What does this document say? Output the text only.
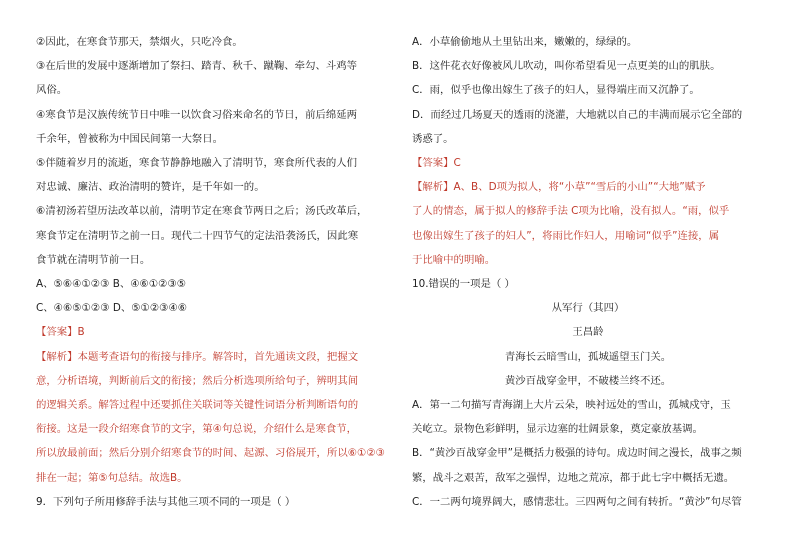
②因此，在寒食节那天，禁烟火，只吃冷食。

③在后世的发展中逐渐增加了祭扫、踏青、秋千、蹴鞠、牵勾、斗鸡等

风俗。

④寒食节是汉族传统节日中唯一以饮食习俗来命名的节日，前后绵延两

千余年，曾被称为中国民间第一大祭日。

⑤伴随着岁月的流逝，寒食节静静地融入了清明节，寒食所代表的人们

对忠诚、廉洁、政治清明的赞许，是千年如一的。

⑥清初汤若望历法改革以前，清明节定在寒食节两日之后；汤氏改革后，

寒食节定在清明节之前一日。现代二十四节气的定法沿袭汤氏，因此寒

食节就在清明节前一日。

A、⑤⑥④①②③ B、④⑥①②③⑤

C、④⑥⑤①②③ D、⑤①②③④⑥

【答案】B

【解析】本题考查语句的衔接与排序。解答时，首先通读文段，把握文

意，分析语境，判断前后文的衔接；然后分析选项所给句子，辨明其间

的逻辑关系。解答过程中还要抓住关联词等关键性词语分析判断语句的

衔接。这是一段介绍寒食节的文字，第④句总说，介绍什么是寒食节，

所以放最前面；然后分别介绍寒食节的时间、起源、习俗展开，所以⑥①②③

排在一起；第⑤句总结。故选B。

9．下列句子所用修辞手法与其他三项不同的一项是（ ）

A．小草偷偷地从土里钻出来，嫩嫩的，绿绿的。

B．这件花衣好像被风儿吹动，叫你希望看见一点更美的山的肌肤。

C．雨，似乎也像出嫁生了孩子的妇人，显得端庄而又沉静了。

D．而经过几场夏天的透雨的浇灌，大地就以自己的丰满而展示它全部的

诱惑了。

【答案】C

【解析】A、B、D项为拟人，将“小草”“雪后的小山”“大地”赋予

了人的情态，属于拟人的修辞手法 C项为比喻，没有拟人。“雨，似乎

也像出嫁生了孩子的妇人”，将雨比作妇人，用喻词“似乎”连接，属

于比喻中的明喻。

10.错误的一项是（ ）

从军行（其四）

王昌龄

青海长云暗雪山，孤城遥望玉门关。

黄沙百战穿金甲，不破楼兰终不还。

A．第一二句描写青海湖上大片云朵，映衬远处的雪山，孤城戍守，玉

关屹立。景物色彩鲜明，显示边塞的壮阔景象，奠定豪放基调。

B．“黄沙百战穿金甲”是概括力极强的诗句。成边时间之漫长，战事之频

繁，战斗之艰苦，敌军之强悍，边地之荒凉，都于此七字中概括无遗。

C．一二两句境界阔大，感情悲壮。三四两句之间有转折。“黄沙”句尽管
